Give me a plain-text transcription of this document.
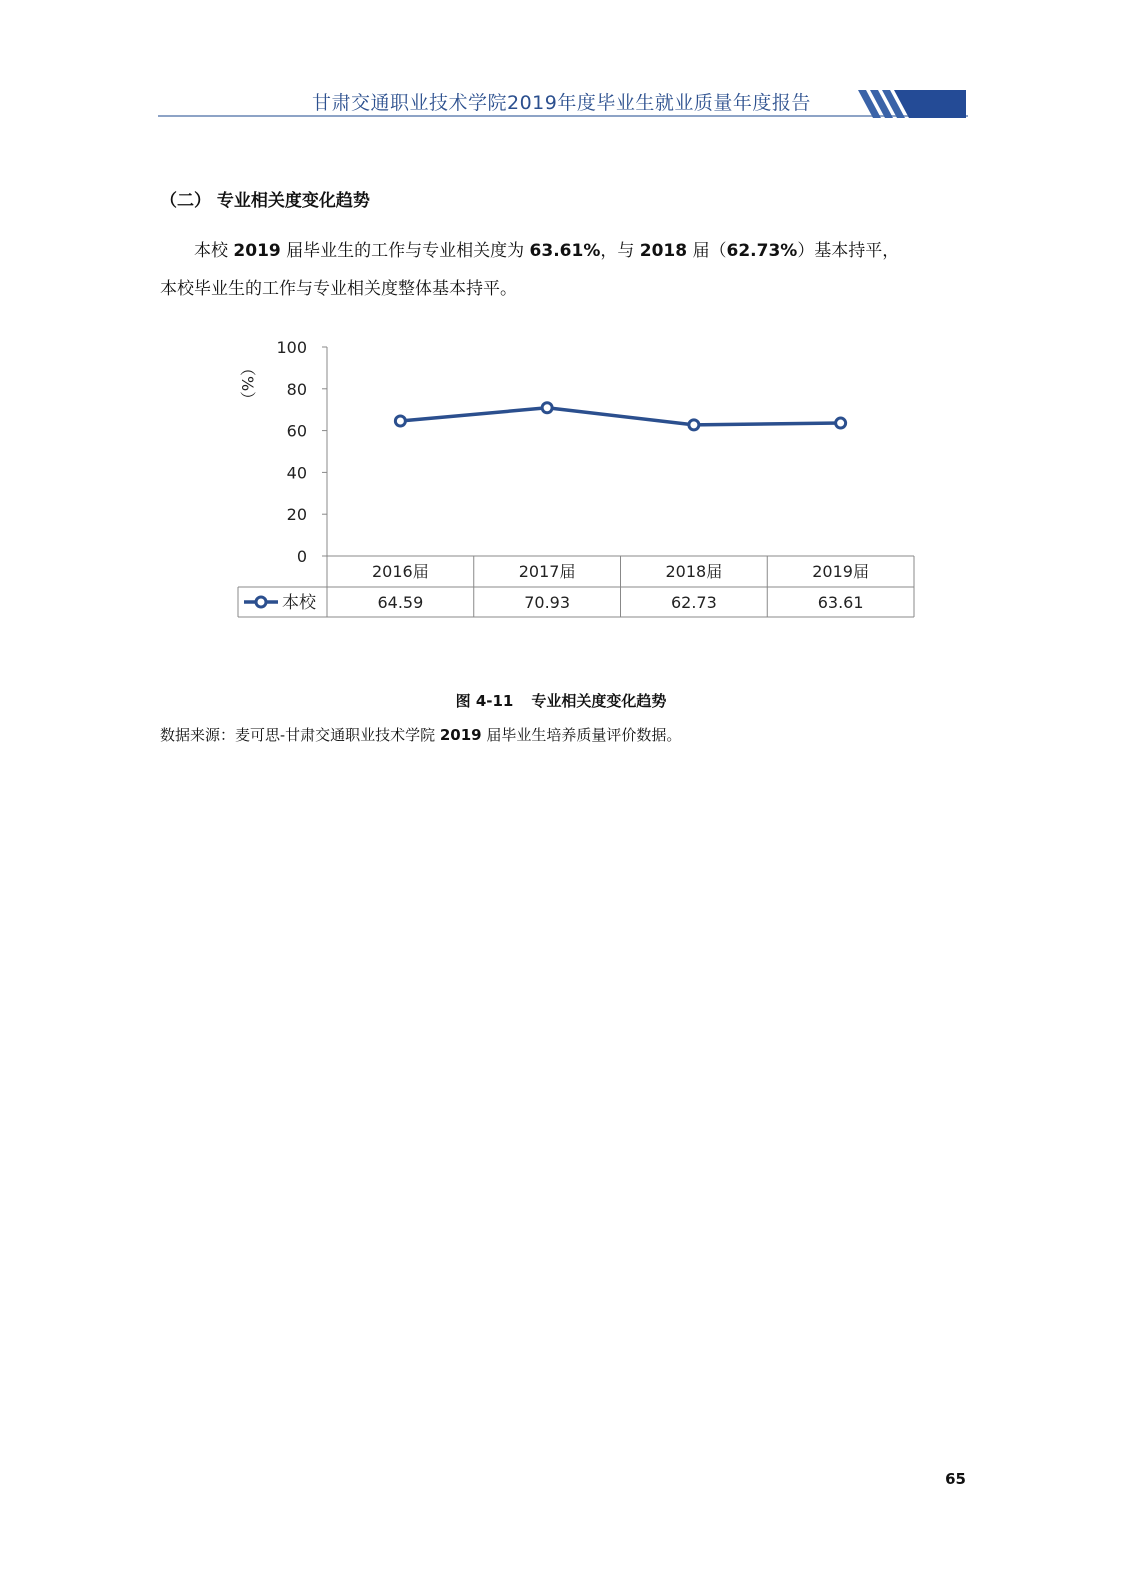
甘肃交通职业技术学院2019年度毕业生就业质量年度报告
（二） 专业相关度变化趋势
本校 2019 届毕业生的工作与专业相关度为 63.61%，与 2018 届（62.73%）基本持平，
本校毕业生的工作与专业相关度整体基本持平。
0
20
40
60
80
100
（%）
2016届	2017届	2018届	2019届
本校	64.59	70.93	62.73	63.61
图 4-11 专业相关度变化趋势
数据来源：麦可思-甘肃交通职业技术学院 2019 届毕业生培养质量评价数据。
65
